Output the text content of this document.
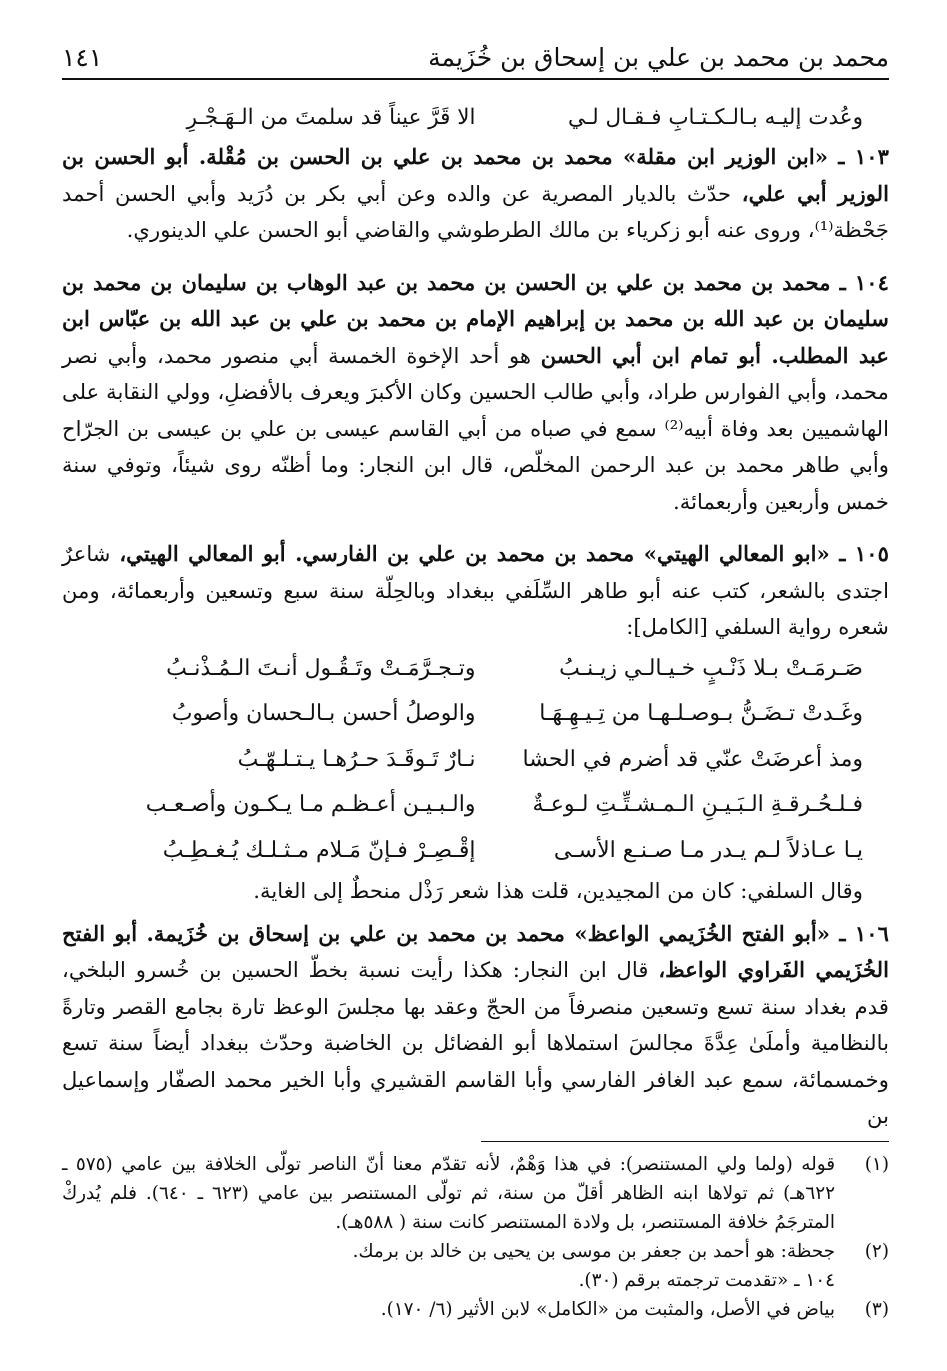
محمد بن محمد بن علي بن إسحاق بن خُزَيمة
١٤١
وعُدت إليـه بـالـكـتـابِ فـقـال لـي
الا قَرَّ عيناً قد سلمتَ من الـهَـجْـرِ

١٠٣ ـ «ابن الوزير ابن مقلة» محمد بن محمد بن علي بن الحسن بن مُقْلة. أبو الحسن بن الوزير أبي علي، حدّث بالديار المصرية عن والده وعن أبي بكر بن دُرَيد وأبي الحسن أحمد جَحْظة⁽¹⁾، وروى عنه أبو زكرياء بن مالك الطرطوشي والقاضي أبو الحسن علي الدينوري.

١٠٤ ـ محمد بن محمد بن علي بن الحسن بن محمد بن عبد الوهاب بن سليمان بن محمد بن سليمان بن عبد الله بن محمد بن إبراهيم الإمام بن محمد بن علي بن عبد الله بن عبّاس ابن عبد المطلب. أبو تمام ابن أبي الحسن هو أحد الإخوة الخمسة أبي منصور محمد، وأبي نصر محمد، وأبي الفوارس طراد، وأبي طالب الحسين وكان الأكبرَ ويعرف بالأفضلِ، وولي النقابة على الهاشميين بعد وفاة أبيه⁽²⁾ سمع في صباه من أبي القاسم عيسى بن علي بن عيسى بن الجرّاح وأبي طاهر محمد بن عبد الرحمن المخلّص، قال ابن النجار: وما أظنّه روى شيئاً، وتوفي سنة خمس وأربعين وأربعمائة.

١٠٥ ـ «ابو المعالي الهيتي» محمد بن محمد بن علي بن الفارسي. أبو المعالي الهيتي، شاعرٌ اجتدى بالشعر، كتب عنه أبو طاهر السِّلَفي ببغداد وبالحِلّة سنة سبع وتسعين وأربعمائة، ومن شعره رواية السلفي [الكامل]:

صَـرمَـتْ بـلا ذَنْـبٍ خـيـالـي زيـنـبُ
وتـجـرَّمَـتْ وتَـقُـول أنـتَ الـمُـذْنـبُ
وغَـدتْ تـضَـنُّ بـوصـلـهـا من تِـيـهِـهَـا
والوصلُ أحسن بـالـحسان وأصوبُ
ومذ أعرضَتْ عنّي قد أضرم في الحشا
نـارٌ تَـوقَـدَ حـرُهـا يـتـلـهّـبُ
فـلـحُـرقـةِ الـبَـيـنِ الـمـشـتِّـتِ لـوعـةٌ
والـبـيـن أعـظـم مـا يـكـون وأصـعـب
يـا عـاذلاً لـم يـدر مـا صـنـع الأسـى
إقْـصِـرْ فـإنّ مَـلام مـثـلـك يُـغـطِـبُ

وقال السلفي: كان من المجيدين، قلت هذا شعر رَذْل منحطٌ إلى الغاية.

١٠٦ ـ «أبو الفتح الخُزَيمي الواعظ» محمد بن محمد بن علي بن إسحاق بن خُزَيمة. أبو الفتح الخُزَيمي الفَراوي الواعظ، قال ابن النجار: هكذا رأيت نسبة بخطّ الحسين بن خُسرو البلخي، قدم بغداد سنة تسع وتسعين منصرفاً من الحجّ وعقد بها مجلسَ الوعظ تارة بجامع القصر وتارةً بالنظامية وأملَىٰ عِدَّةَ مجالسَ استملاها أبو الفضائل بن الخاضبة وحدّث ببغداد أيضاً سنة تسع وخمسمائة، سمع عبد الغافر الفارسي وأبا القاسم القشيري وأبا الخير محمد الصفّار وإسماعيل بن

(١)
قوله (ولما ولي المستنصر): في هذا وَهْمٌ، لأنه تقدّم معنا أنّ الناصر تولّى الخلافة بين عامي (٥٧٥ ـ ٦٢٢هـ) ثم تولاها ابنه الظاهر أقلّ من سنة، ثم تولّى المستنصر بين عامي (٦٢٣ ـ ٦٤٠). فلم يُدركْ المترجَمُ خلافة المستنصر، بل ولادة المستنصر كانت سنة ( ٥٨٨هـ).
(٢)
جحظة: هو أحمد بن جعفر بن موسى بن يحيى بن خالد بن برمك.
١٠٤ ـ «تقدمت ترجمته برقم (٣٠).
(٣)
بياض في الأصل، والمثبت من «الكامل» لابن الأثير (٦/ ١٧٠).
